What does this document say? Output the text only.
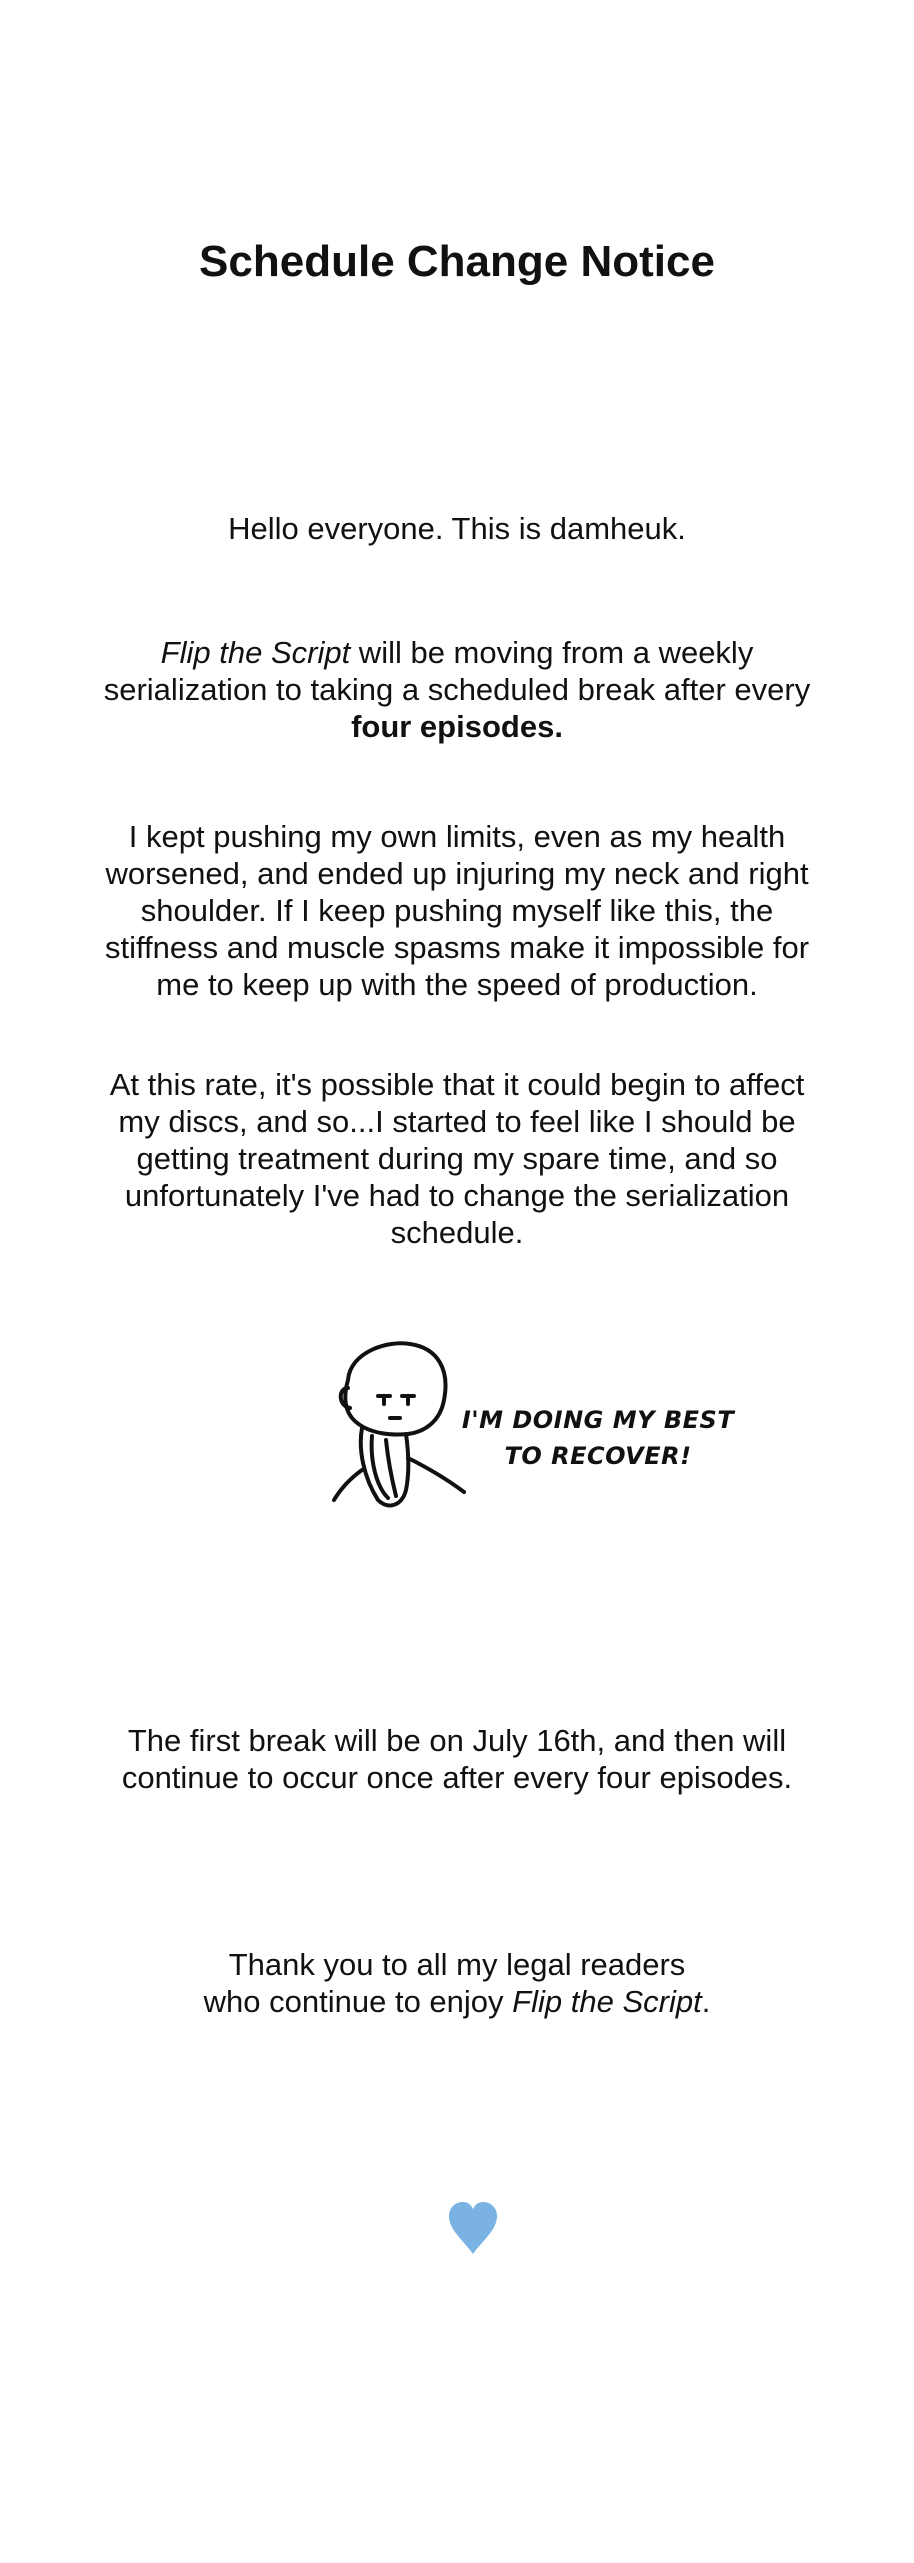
Schedule Change Notice

Hello everyone. This is damheuk.

Flip the Script will be moving from a weekly serialization to taking a scheduled break after every four episodes.

I kept pushing my own limits, even as my health worsened, and ended up injuring my neck and right shoulder. If I keep pushing myself like this, the stiffness and muscle spasms make it impossible for me to keep up with the speed of production.

At this rate, it's possible that it could begin to affect my discs, and so...I started to feel like I should be getting treatment during my spare time, and so unfortunately I've had to change the serialization schedule.

I'M DOING MY BEST
TO RECOVER!

The first break will be on July 16th, and then will continue to occur once after every four episodes.

Thank you to all my legal readers
who continue to enjoy Flip the Script.
